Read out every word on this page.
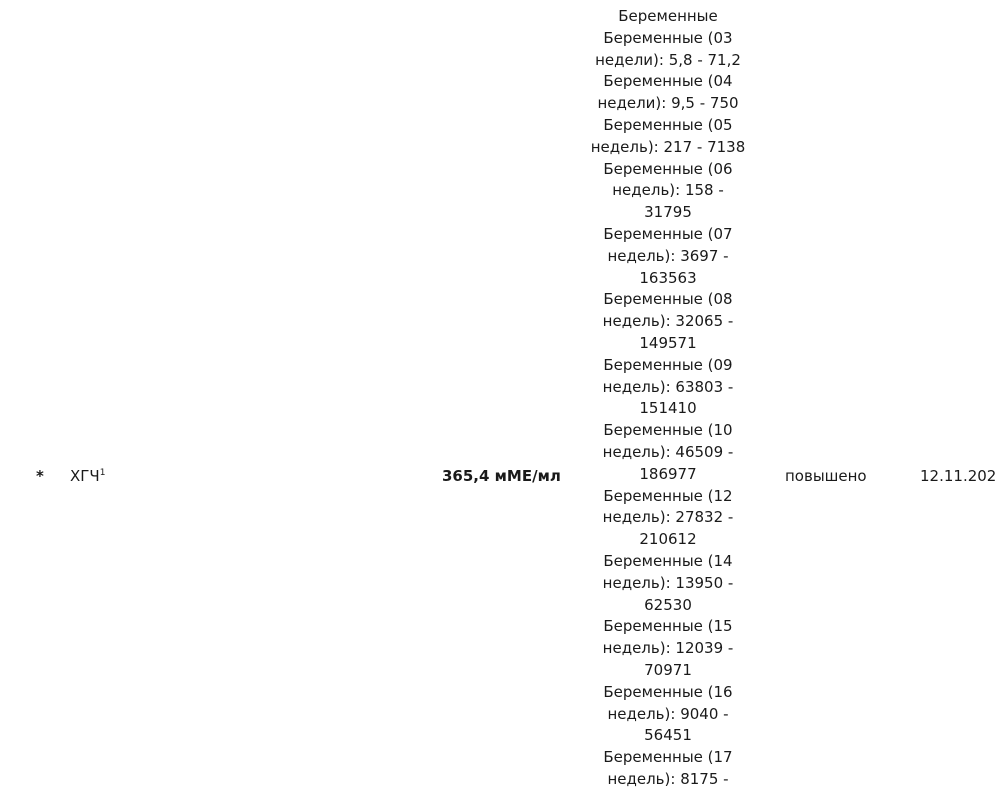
* ХГЧ$^1$	365,4 мМЕ/мл
Беременные
Беременные (03
недели): 5,8 - 71,2
Беременные (04
недели): 9,5 - 750
Беременные (05
недель): 217 - 7138
Беременные (06
недель): 158 -
31795
Беременные (07
недель): 3697 -
163563
Беременные (08
недель): 32065 -
149571
Беременные (09
недель): 63803 -
151410
Беременные (10
недель): 46509 -
186977
Беременные (12
недель): 27832 -
210612
Беременные (14
недель): 13950 -
62530
Беременные (15
недель): 12039 -
70971
Беременные (16
недель): 9040 -
56451
Беременные (17
недель): 8175 -
повышено	12.11.202
